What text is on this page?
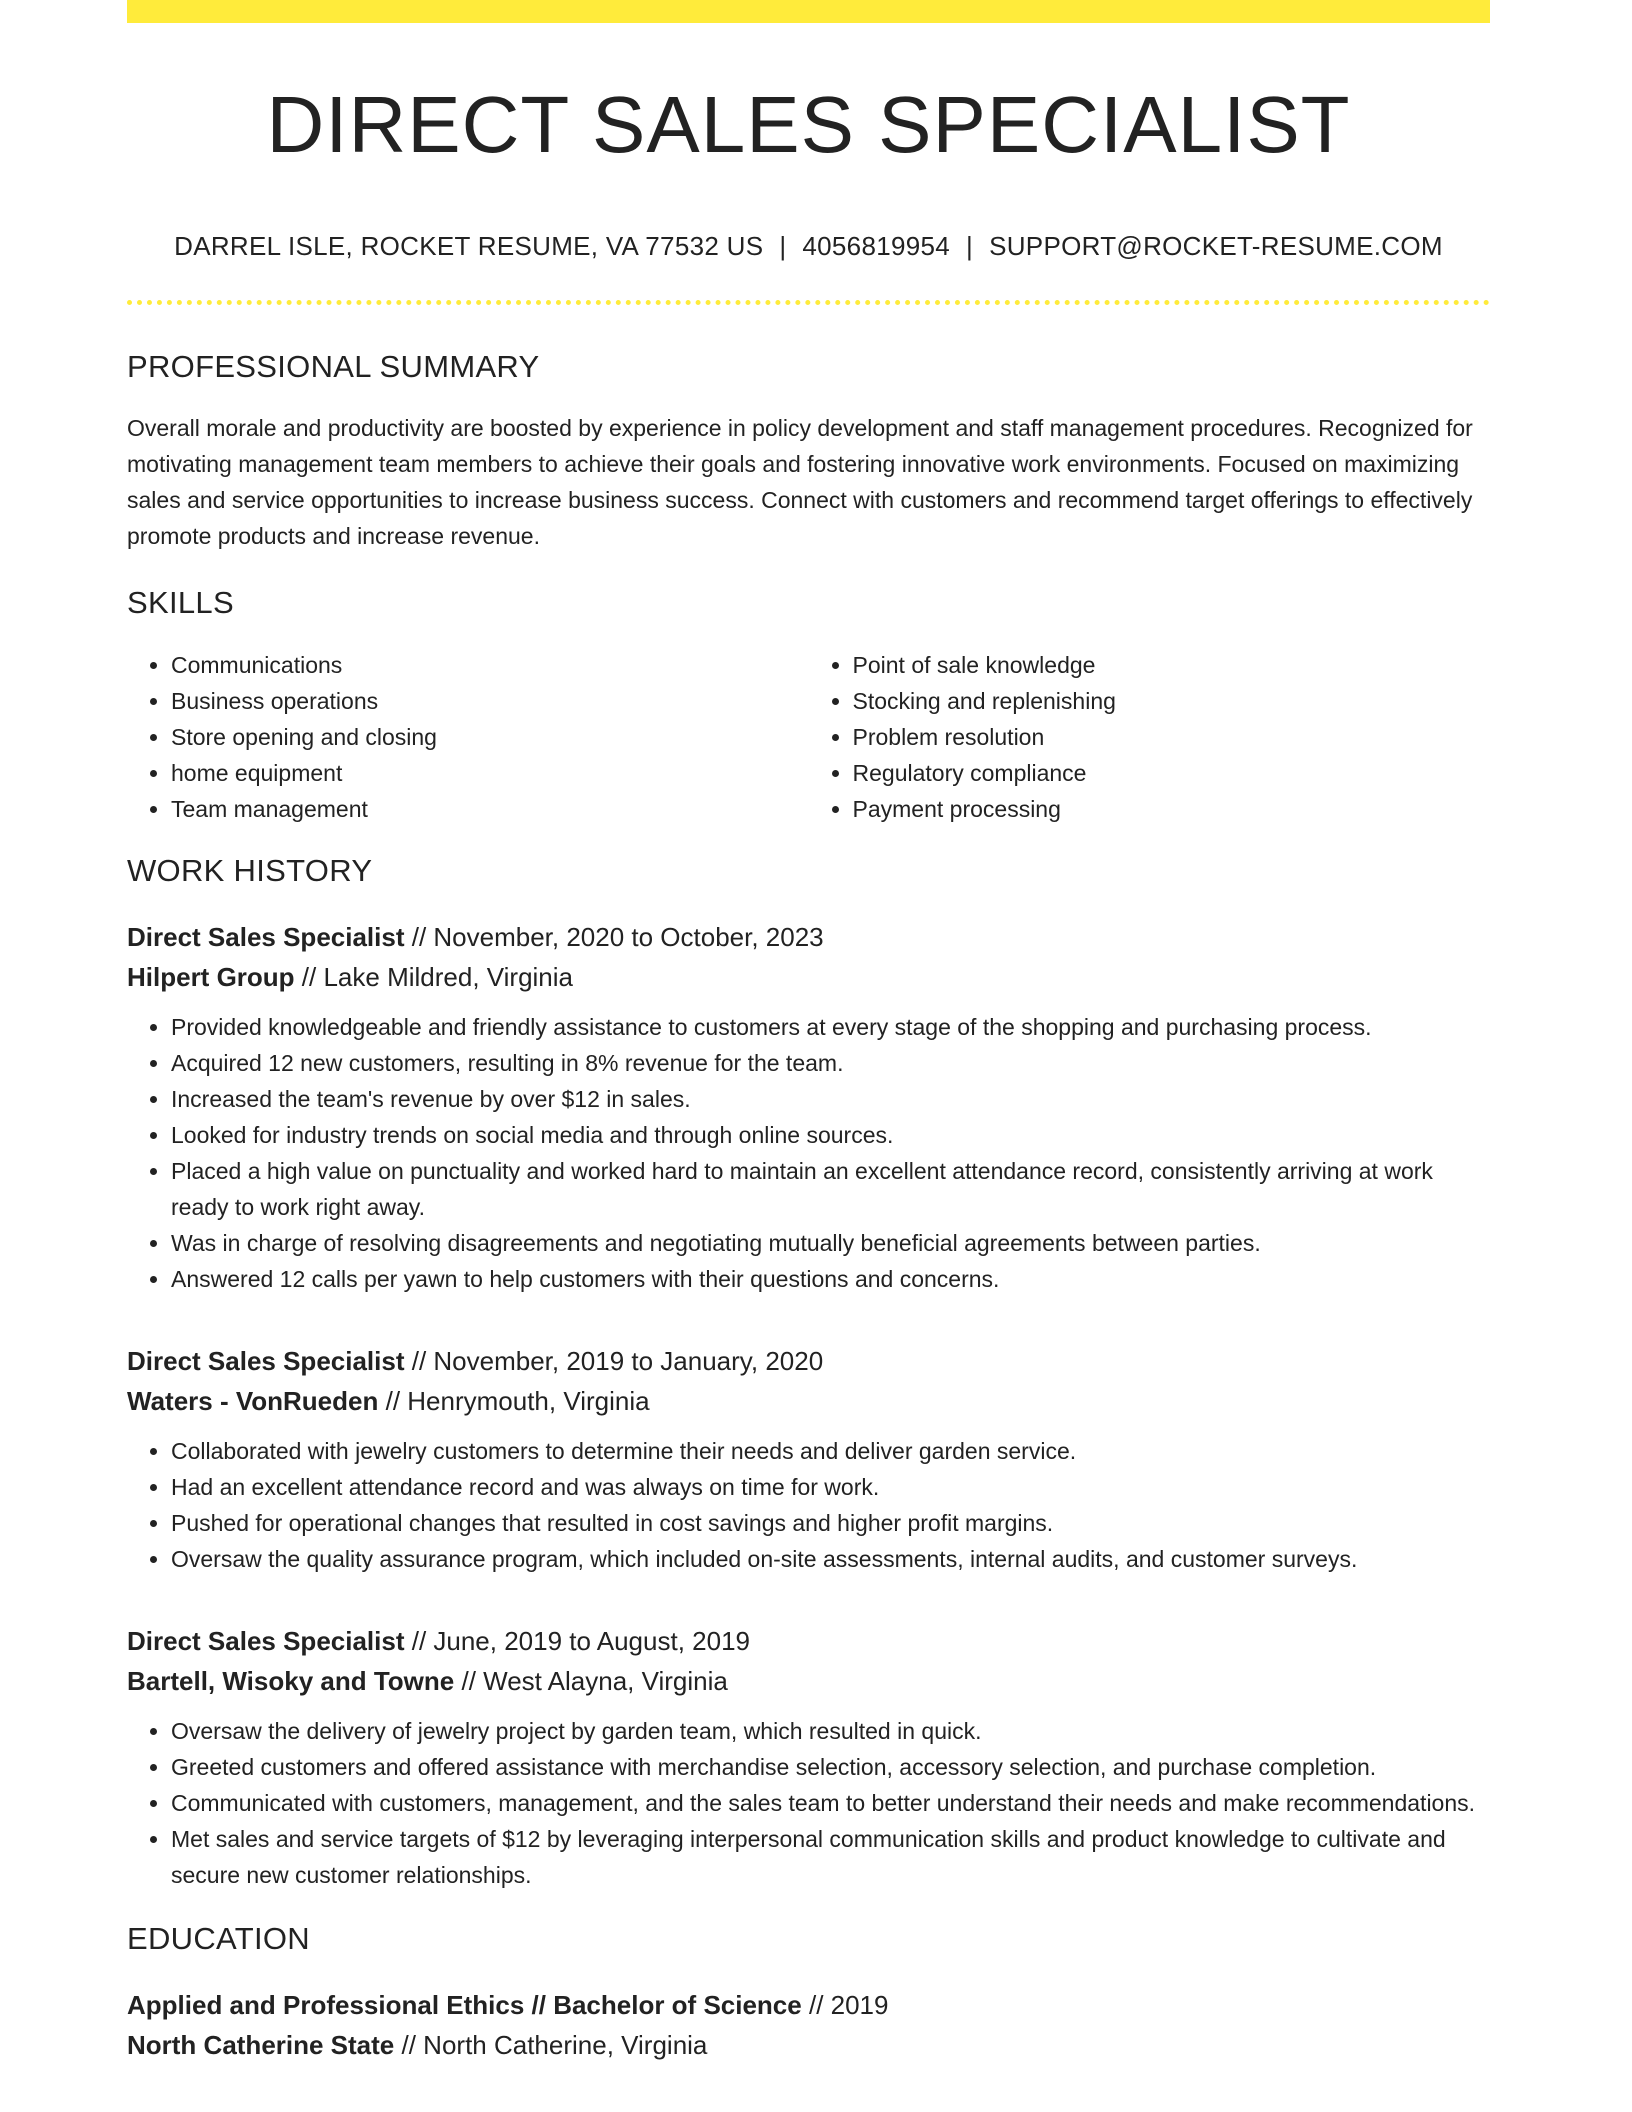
DIRECT SALES SPECIALIST
DARREL ISLE, ROCKET RESUME, VA 77532 US | 4056819954 | SUPPORT@ROCKET-RESUME.COM
PROFESSIONAL SUMMARY
Overall morale and productivity are boosted by experience in policy development and staff management procedures. Recognized for motivating management team members to achieve their goals and fostering innovative work environments. Focused on maximizing sales and service opportunities to increase business success. Connect with customers and recommend target offerings to effectively promote products and increase revenue.
SKILLS
• Communications
• Business operations
• Store opening and closing
• home equipment
• Team management
• Point of sale knowledge
• Stocking and replenishing
• Problem resolution
• Regulatory compliance
• Payment processing
WORK HISTORY
Direct Sales Specialist // November, 2020 to October, 2023
Hilpert Group // Lake Mildred, Virginia
• Provided knowledgeable and friendly assistance to customers at every stage of the shopping and purchasing process.
• Acquired 12 new customers, resulting in 8% revenue for the team.
• Increased the team's revenue by over $12 in sales.
• Looked for industry trends on social media and through online sources.
• Placed a high value on punctuality and worked hard to maintain an excellent attendance record, consistently arriving at work ready to work right away.
• Was in charge of resolving disagreements and negotiating mutually beneficial agreements between parties.
• Answered 12 calls per yawn to help customers with their questions and concerns.
Direct Sales Specialist // November, 2019 to January, 2020
Waters - VonRueden // Henrymouth, Virginia
• Collaborated with jewelry customers to determine their needs and deliver garden service.
• Had an excellent attendance record and was always on time for work.
• Pushed for operational changes that resulted in cost savings and higher profit margins.
• Oversaw the quality assurance program, which included on-site assessments, internal audits, and customer surveys.
Direct Sales Specialist // June, 2019 to August, 2019
Bartell, Wisoky and Towne // West Alayna, Virginia
• Oversaw the delivery of jewelry project by garden team, which resulted in quick.
• Greeted customers and offered assistance with merchandise selection, accessory selection, and purchase completion.
• Communicated with customers, management, and the sales team to better understand their needs and make recommendations.
• Met sales and service targets of $12 by leveraging interpersonal communication skills and product knowledge to cultivate and secure new customer relationships.
EDUCATION
Applied and Professional Ethics // Bachelor of Science // 2019
North Catherine State // North Catherine, Virginia
